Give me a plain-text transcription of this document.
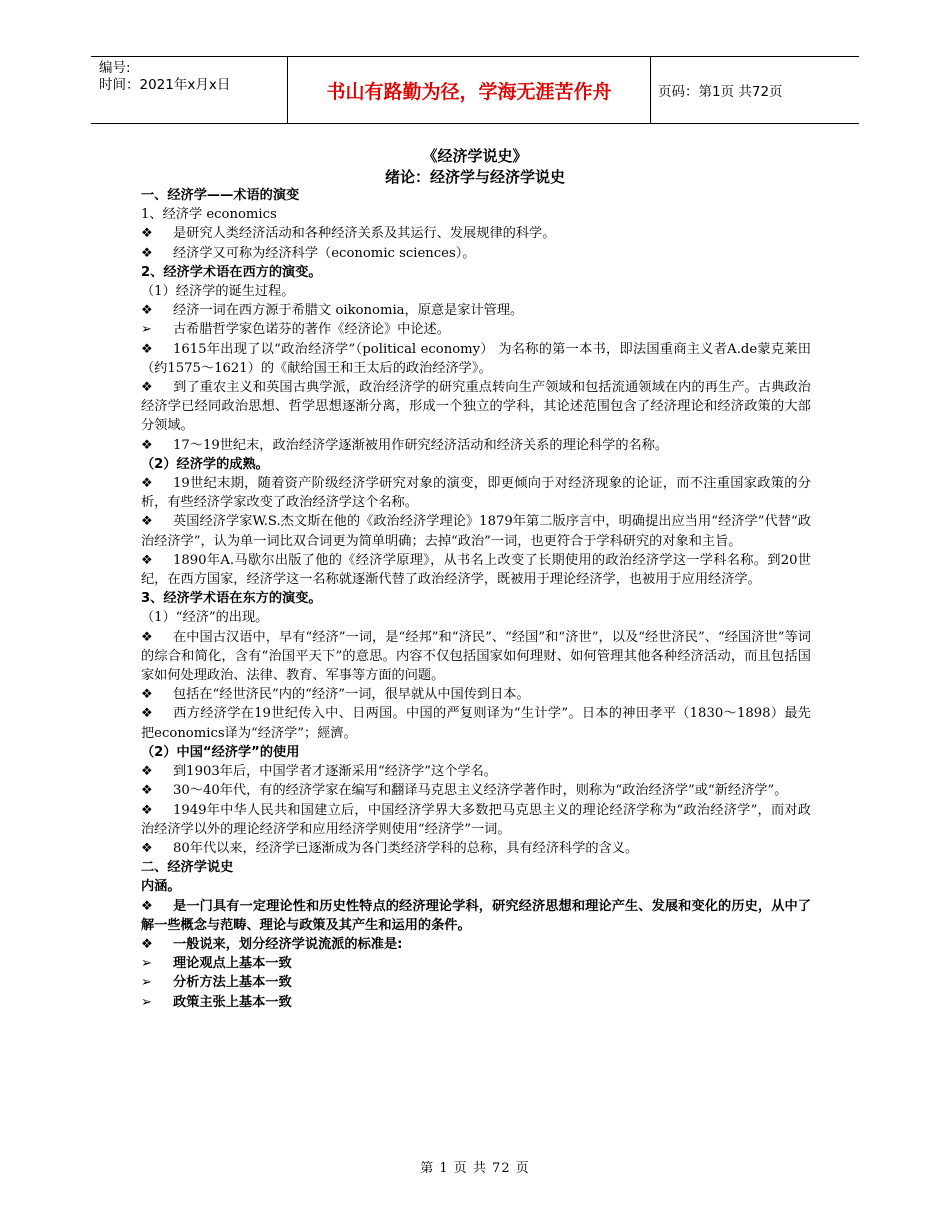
编号:
时间：2021年x月x日	书山有路勤为径，学海无涯苦作舟	页码：第1页 共72页
《经济学说史》
绪论：经济学与经济学说史

一、经济学——术语的演变

1、经济学 economics

❖ 是研究人类经济活动和各种经济关系及其运行、发展规律的科学。

❖ 经济学又可称为经济科学（economic sciences）。

2、经济学术语在西方的演变。

（1）经济学的诞生过程。

❖ 经济一词在西方源于希腊文 oikonomia，原意是家计管理。

➢ 古希腊哲学家色诺芬的著作《经济论》中论述。

❖ 1615年出现了以“政治经济学”（political economy） 为名称的第一本书，即法国重商主义者A.de蒙克莱田（约1575～1621）的《献给国王和王太后的政治经济学》。

❖ 到了重农主义和英国古典学派，政治经济学的研究重点转向生产领域和包括流通领域在内的再生产。古典政治经济学已经同政治思想、哲学思想逐渐分离，形成一个独立的学科，其论述范围包含了经济理论和经济政策的大部分领域。

❖ 17～19世纪末，政治经济学逐渐被用作研究经济活动和经济关系的理论科学的名称。

（2）经济学的成熟。

❖ 19世纪末期，随着资产阶级经济学研究对象的演变，即更倾向于对经济现象的论证，而不注重国家政策的分析，有些经济学家改变了政治经济学这个名称。

❖ 英国经济学家W.S.杰文斯在他的《政治经济学理论》1879年第二版序言中，明确提出应当用“经济学”代替“政治经济学”，认为单一词比双合词更为简单明确；去掉“政治”一词，也更符合于学科研究的对象和主旨。

❖ 1890年A.马歇尔出版了他的《经济学原理》，从书名上改变了长期使用的政治经济学这一学科名称。到20世纪，在西方国家，经济学这一名称就逐渐代替了政治经济学，既被用于理论经济学，也被用于应用经济学。

3、经济学术语在东方的演变。

（1）“经济”的出现。

❖ 在中国古汉语中，早有“经济”一词，是“经邦”和“济民”、“经国”和“济世”，以及“经世济民”、“经国济世”等词的综合和简化，含有“治国平天下”的意思。内容不仅包括国家如何理财、如何管理其他各种经济活动，而且包括国家如何处理政治、法律、教育、军事等方面的问题。

❖ 包括在“经世济民”内的“经济”一词，很早就从中国传到日本。

❖ 西方经济学在19世纪传入中、日两国。中国的严复则译为“生计学”。日本的神田孝平（1830～1898）最先把economics译为“经济学”；經濟。

（2）中国“经济学”的使用

❖ 到1903年后，中国学者才逐渐采用“经济学”这个学名。

❖ 30～40年代，有的经济学家在编写和翻译马克思主义经济学著作时，则称为“政治经济学”或“新经济学”。

❖ 1949年中华人民共和国建立后，中国经济学界大多数把马克思主义的理论经济学称为“政治经济学”，而对政治经济学以外的理论经济学和应用经济学则使用“经济学”一词。

❖ 80年代以来，经济学已逐渐成为各门类经济学科的总称，具有经济科学的含义。

二、经济学说史

内涵。

❖ 是一门具有一定理论性和历史性特点的经济理论学科，研究经济思想和理论产生、发展和变化的历史，从中了解一些概念与范畴、理论与政策及其产生和运用的条件。

❖ 一般说来，划分经济学说流派的标准是:

➢ 理论观点上基本一致

➢ 分析方法上基本一致

➢ 政策主张上基本一致

第 1 页 共 72 页
